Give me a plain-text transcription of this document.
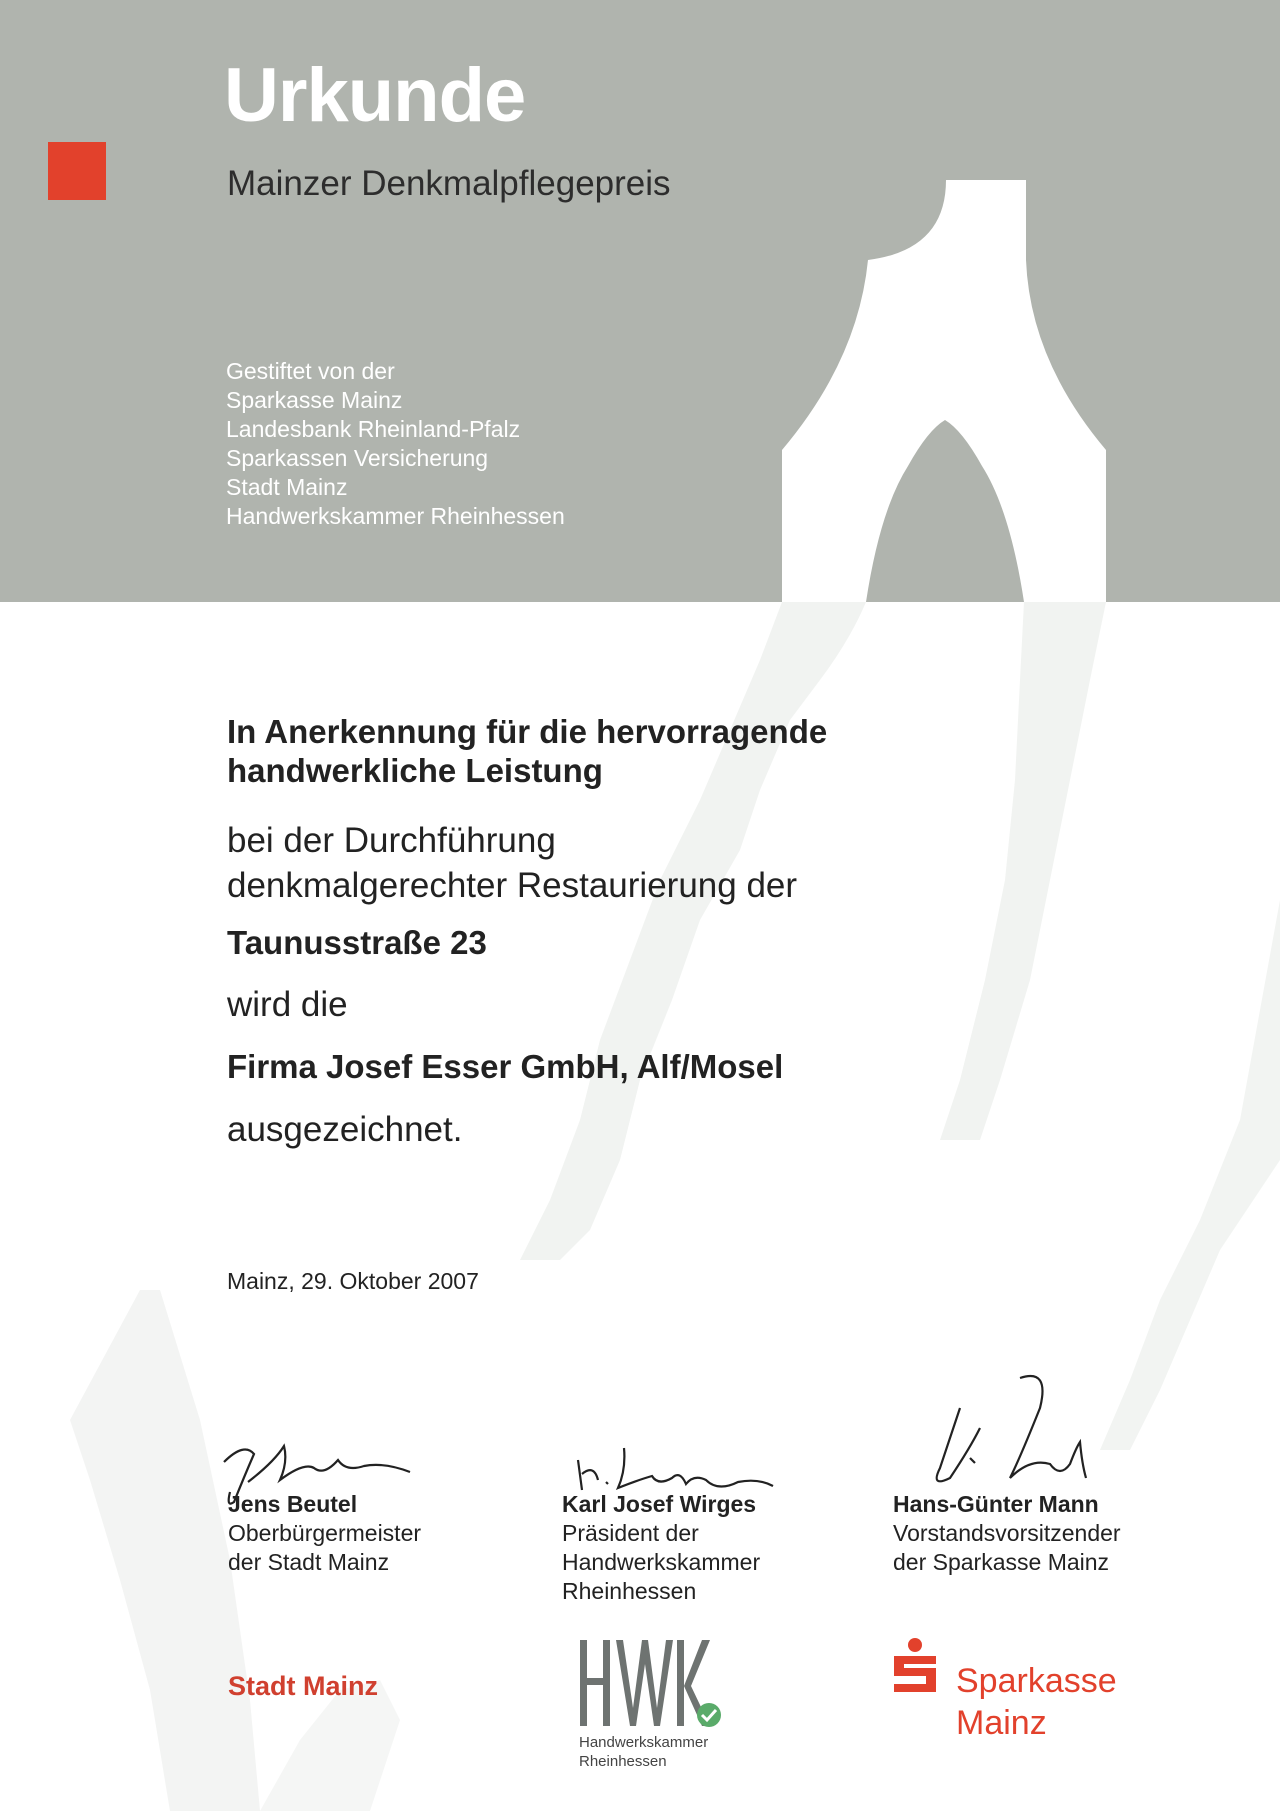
Urkunde
Mainzer Denkmalpflegepreis
Gestiftet von der
Sparkasse Mainz
Landesbank Rheinland-Pfalz
Sparkassen Versicherung
Stadt Mainz
Handwerkskammer Rheinhessen
In Anerkennung für die hervorragende
handwerkliche Leistung
bei der Durchführung
denkmalgerechter Restaurierung der
Taunusstraße 23
wird die
Firma Josef Esser GmbH, Alf/Mosel
ausgezeichnet.
Mainz, 29. Oktober 2007
Jens Beutel
Oberbürgermeister
der Stadt Mainz
Karl Josef Wirges
Präsident der
Handwerkskammer
Rheinhessen
Hans-Günter Mann
Vorstandsvorsitzender
der Sparkasse Mainz
Stadt Mainz
HWK
Handwerkskammer
Rheinhessen
Sparkasse
Mainz
